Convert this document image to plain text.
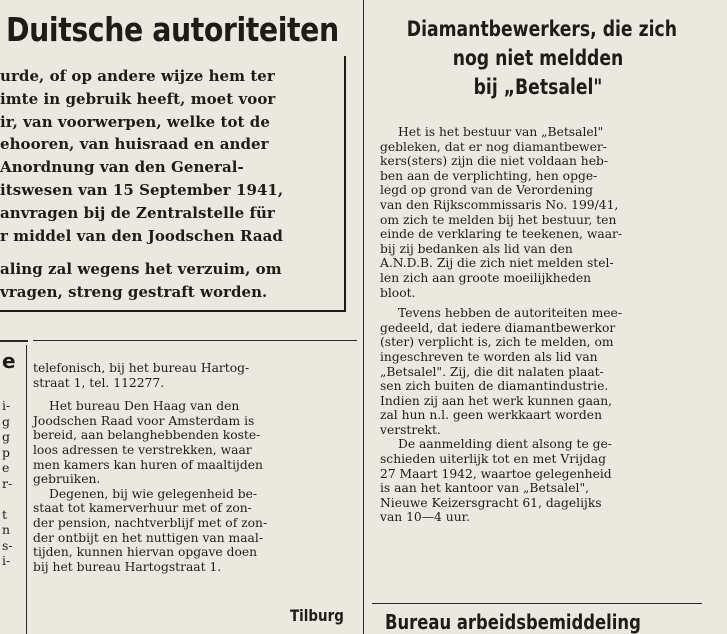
Duitsche autoriteiten

urde, of op andere wijze hem ter
imte in gebruik heeft, moet voor
ir, van voorwerpen, welke tot de
ehooren, van huisraad en ander
Anordnung van den General-
itswesen van 15 September 1941,
anvragen bij de Zentralstelle für
r middel van den Joodschen Raad

aling zal wegens het verzuim, om
vragen, streng gestraft worden.

e
i-
g
g
p
e
r-
t
n
s-
i-
telefonisch, bij het bureau Hartog-
straat 1, tel. 112277.
Het bureau Den Haag van den
Joodschen Raad voor Amsterdam is
bereid, aan belanghebbenden koste-
loos adressen te verstrekken, waar
men kamers kan huren of maaltijden
gebruiken.
Degenen, bij wie gelegenheid be-
staat tot kamerverhuur met of zon-
der pension, nachtverblijf met of zon-
der ontbijt en het nuttigen van maal-
tijden, kunnen hiervan opgave doen
bij het bureau Hartogstraat 1.
Tilburg
Diamantbewerkers, die zich
nog niet meldden
bij „Betsalel"
Het is het bestuur van „Betsalel"
gebleken, dat er nog diamantbewer-
kers(sters) zijn die niet voldaan heb-
ben aan de verplichting, hen opge-
legd op grond van de Verordening
van den Rijkscommissaris No. 199/41,
om zich te melden bij het bestuur, ten
einde de verklaring te teekenen, waar-
bij zij bedanken als lid van den
A.N.D.B. Zij die zich niet melden stel-
len zich aan groote moeilijkheden
bloot.
Tevens hebben de autoriteiten mee-
gedeeld, dat iedere diamantbewerkor
(ster) verplicht is, zich te melden, om
ingeschreven te worden als lid van
„Betsalel". Zij, die dit nalaten plaat-
sen zich buiten de diamantindustrie.
Indien zij aan het werk kunnen gaan,
zal hun n.l. geen werkkaart worden
verstrekt.
De aanmelding dient alsong te ge-
schieden uiterlijk tot en met Vrijdag
27 Maart 1942, waartoe gelegenheid
is aan het kantoor van „Betsalel",
Nieuwe Keizersgracht 61, dagelijks
van 10—4 uur.
Bureau arbeidsbemiddeling
